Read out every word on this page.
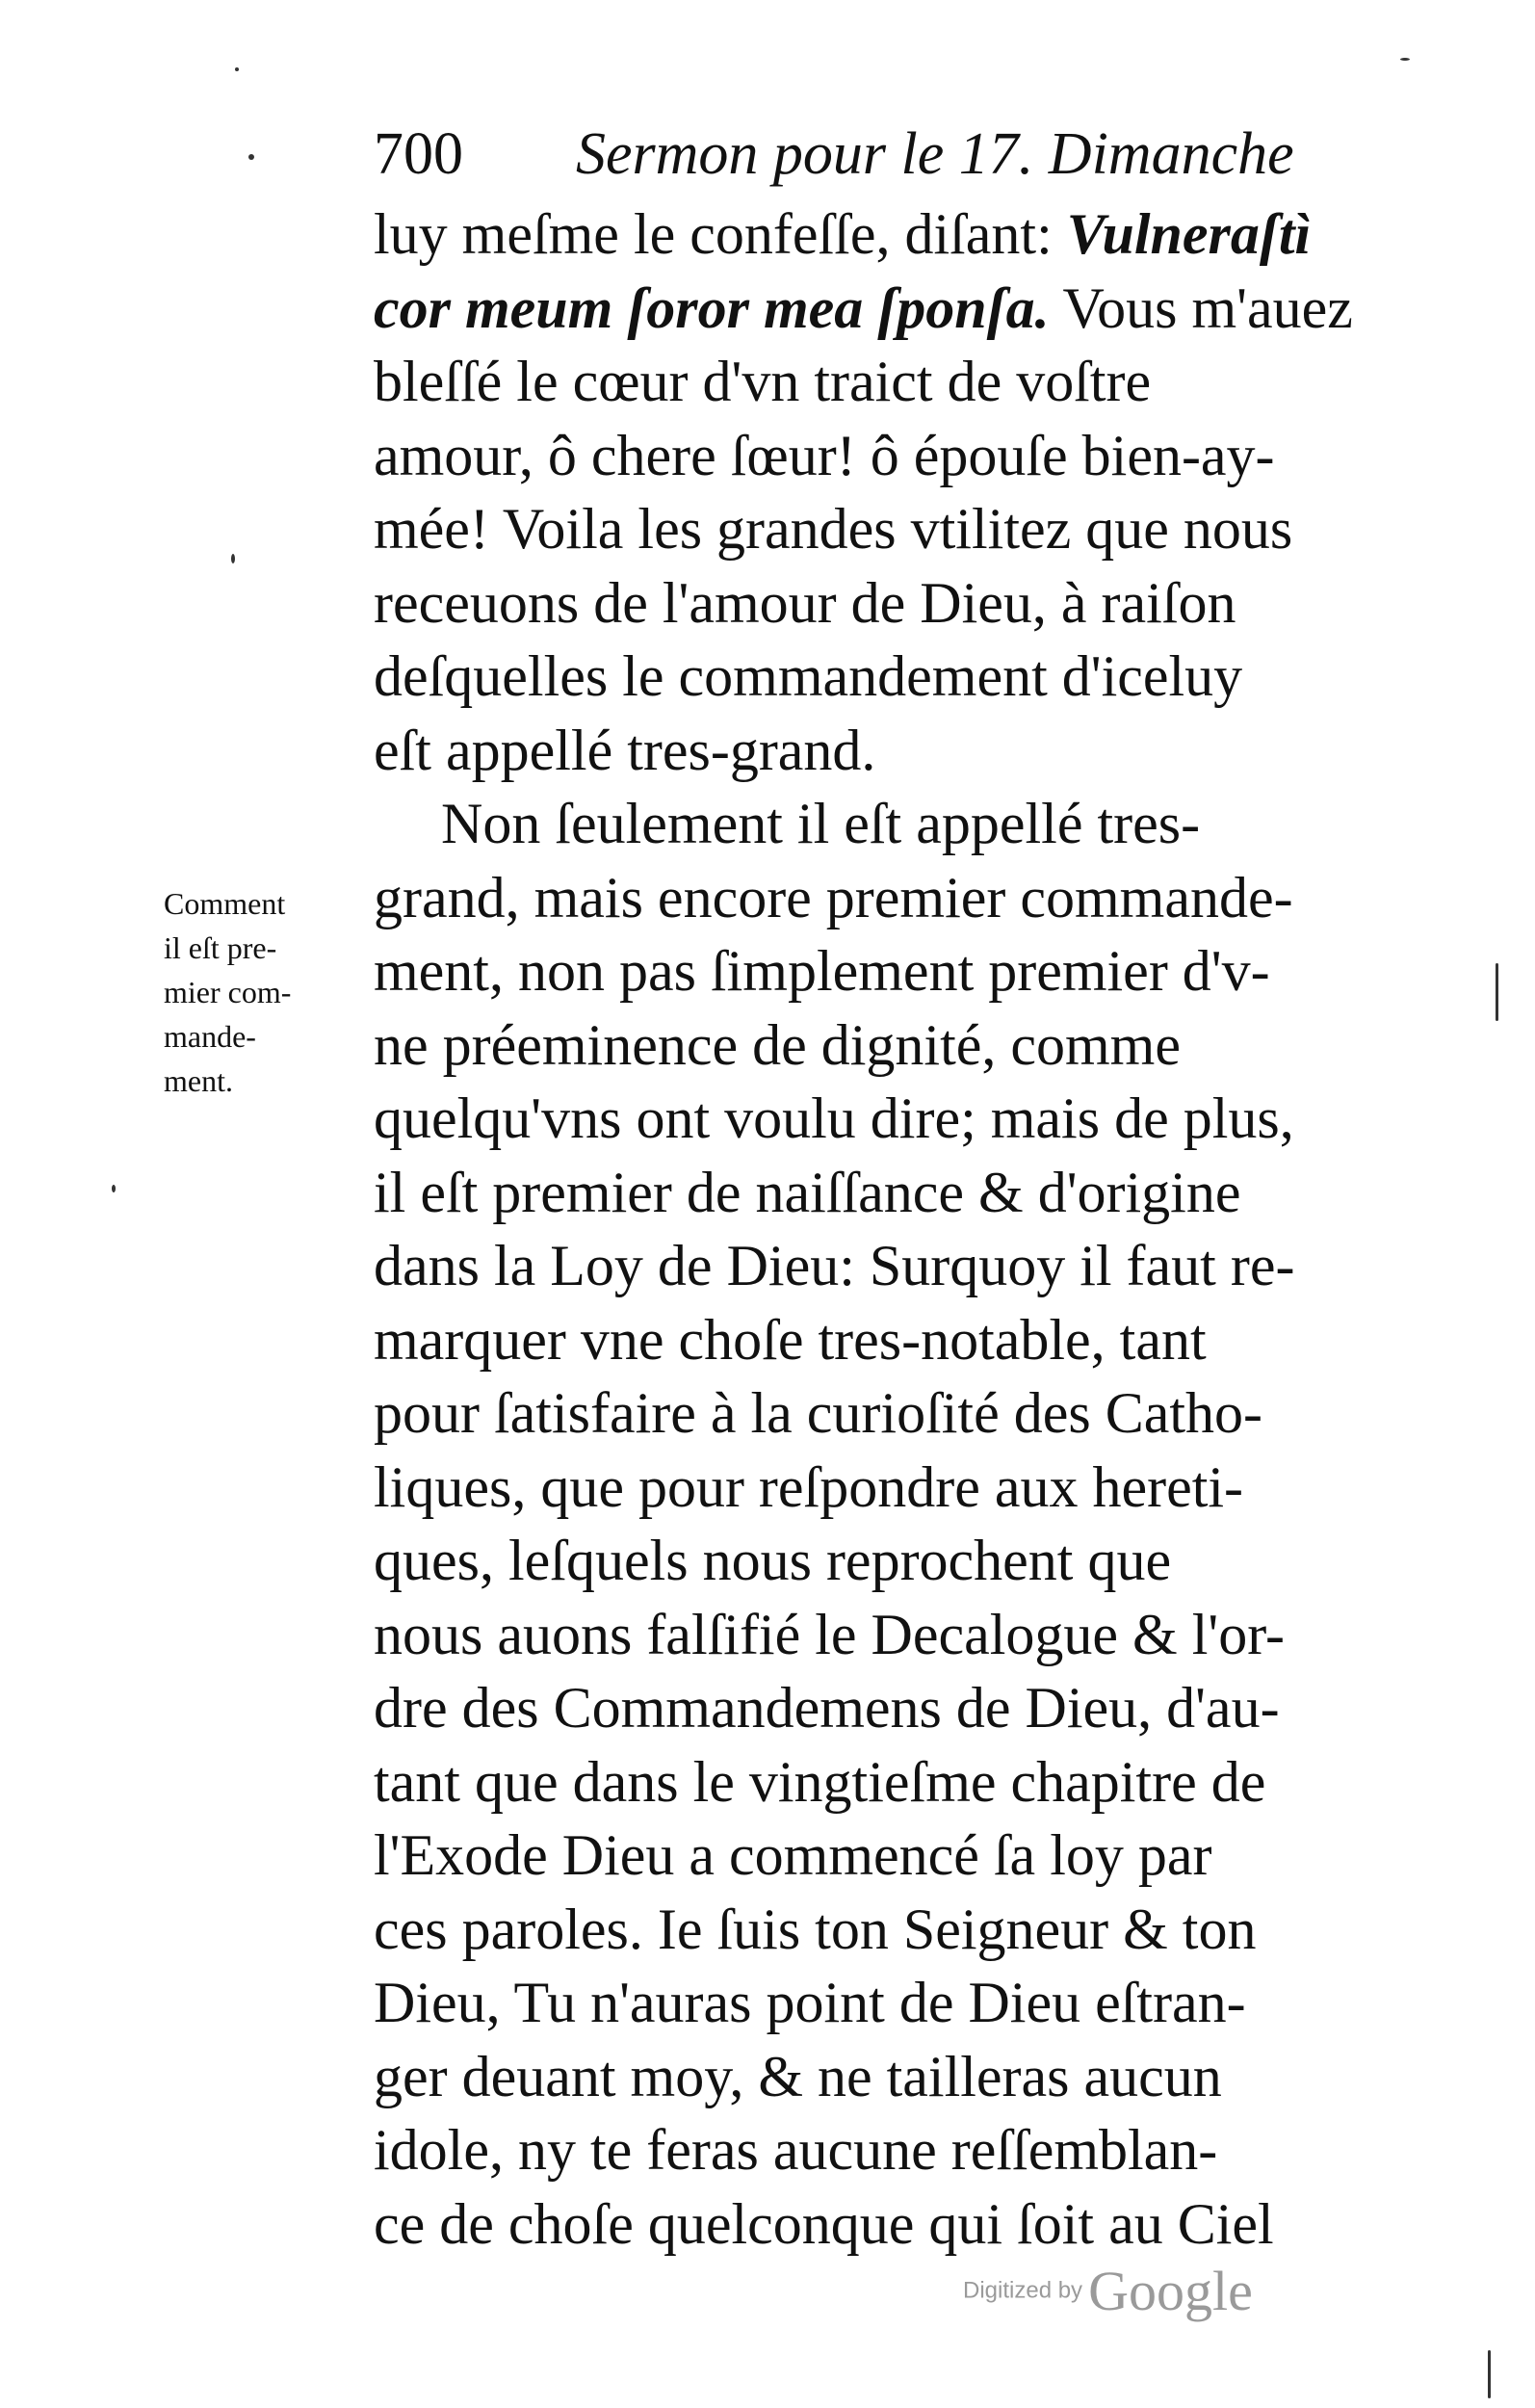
700 Sermon pour le 17. Dimanche
Comment
il eſt pre-
mier com-
mande-
ment.
luy meſme le confeſſe, diſant: Vulneraſtì
cor meum ſoror mea ſponſa. Vous m'auez
bleſſé le cœur d'vn traict de voſtre
amour, ô chere ſœur! ô épouſe bien-ay-
mée! Voila les grandes vtilitez que nous
receuons de l'amour de Dieu, à raiſon
deſquelles le commandement d'iceluy
eſt appellé tres-grand.
Non ſeulement il eſt appellé tres-
grand, mais encore premier commande-
ment, non pas ſimplement premier d'v-
ne préeminence de dignité, comme
quelqu'vns ont voulu dire; mais de plus,
il eſt premier de naiſſance & d'origine
dans la Loy de Dieu: Surquoy il faut re-
marquer vne choſe tres-notable, tant
pour ſatisfaire à la curioſité des Catho-
liques, que pour reſpondre aux hereti-
ques, leſquels nous reprochent que
nous auons falſifié le Decalogue & l'or-
dre des Commandemens de Dieu, d'au-
tant que dans le vingtieſme chapitre de
l'Exode Dieu a commencé ſa loy par
ces paroles. Ie ſuis ton Seigneur & ton
Dieu, Tu n'auras point de Dieu eſtran-
ger deuant moy, & ne tailleras aucun
idole, ny te feras aucune reſſemblan-
ce de choſe quelconque qui ſoit au Ciel
Digitized by Google
